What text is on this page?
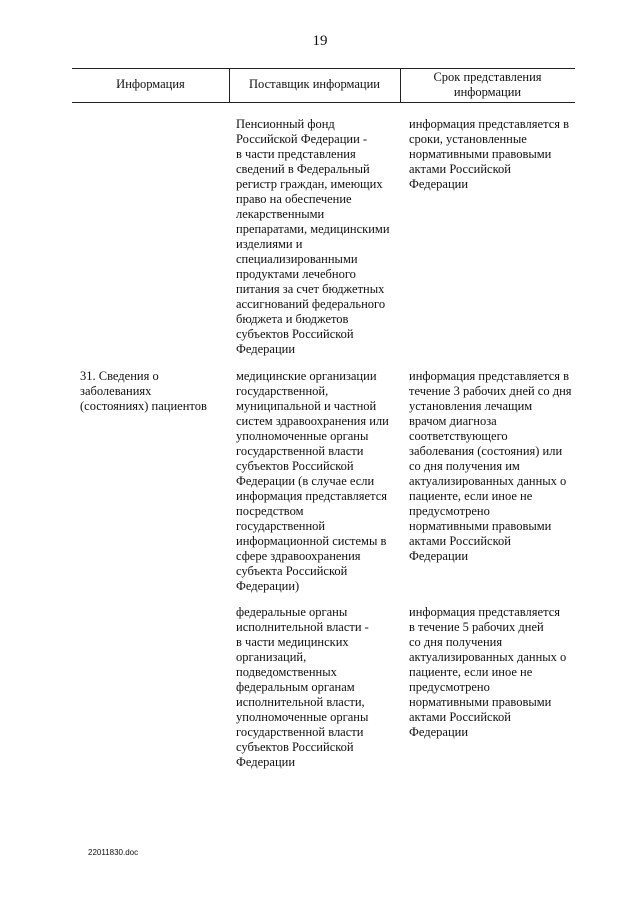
19
Информация	Поставщик информации	Срок представления
информации
Пенсионный фонд
Российской Федерации -
в части представления
сведений в Федеральный
регистр граждан, имеющих
право на обеспечение
лекарственными
препаратами, медицинскими
изделиями и
специализированными
продуктами лечебного
питания за счет бюджетных
ассигнований федерального
бюджета и бюджетов
субъектов Российской
Федерации
информация представляется в
сроки, установленные
нормативными правовыми
актами Российской
Федерации
31. Сведения о
заболеваниях
(состояниях) пациентов
медицинские организации
государственной,
муниципальной и частной
систем здравоохранения или
уполномоченные органы
государственной власти
субъектов Российской
Федерации (в случае если
информация представляется
посредством
государственной
информационной системы в
сфере здравоохранения
субъекта Российской
Федерации)
информация представляется в
течение 3 рабочих дней со дня
установления лечащим
врачом диагноза
соответствующего
заболевания (состояния) или
со дня получения им
актуализированных данных о
пациенте, если иное не
предусмотрено
нормативными правовыми
актами Российской
Федерации
федеральные органы
исполнительной власти -
в части медицинских
организаций,
подведомственных
федеральным органам
исполнительной власти,
уполномоченные органы
государственной власти
субъектов Российской
Федерации
информация представляется
в течение 5 рабочих дней
со дня получения
актуализированных данных о
пациенте, если иное не
предусмотрено
нормативными правовыми
актами Российской
Федерации
22011830.doc
